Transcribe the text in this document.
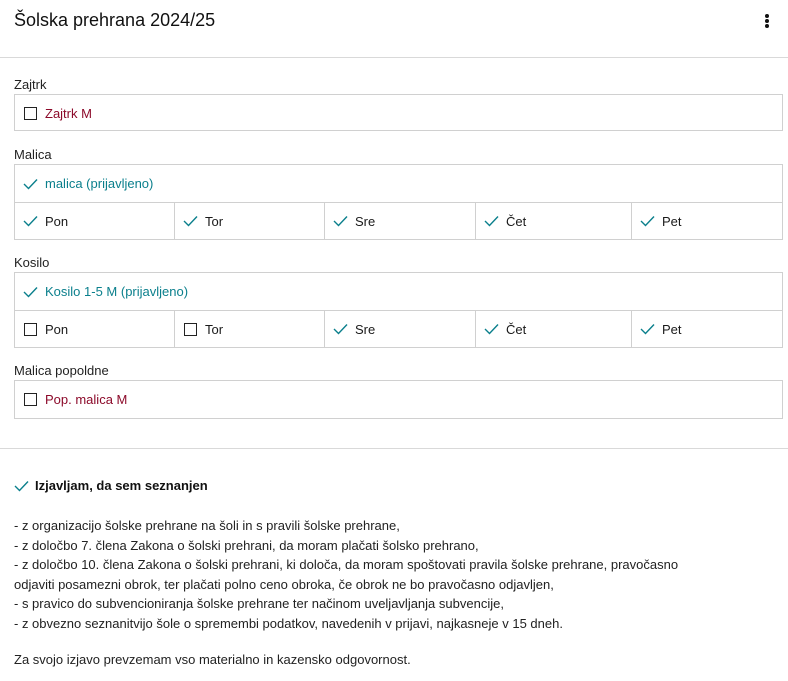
Šolska prehrana 2024/25
Zajtrk
Zajtrk M
Malica
malica (prijavljeno)
Pon	Tor	Sre	Čet	Pet
Kosilo
Kosilo 1-5 M (prijavljeno)
Pon	Tor	Sre	Čet	Pet
Malica popoldne
Pop. malica M
Izjavljam, da sem seznanjen
- z organizacijo šolske prehrane na šoli in s pravili šolske prehrane,
- z določbo 7. člena Zakona o šolski prehrani, da moram plačati šolsko prehrano,
- z določbo 10. člena Zakona o šolski prehrani, ki določa, da moram spoštovati pravila šolske prehrane, pravočasno
odjaviti posamezni obrok, ter plačati polno ceno obroka, če obrok ne bo pravočasno odjavljen,
- s pravico do subvencioniranja šolske prehrane ter načinom uveljavljanja subvencije,
- z obvezno seznanitvijo šole o spremembi podatkov, navedenih v prijavi, najkasneje v 15 dneh.
Za svojo izjavo prevzemam vso materialno in kazensko odgovornost.
